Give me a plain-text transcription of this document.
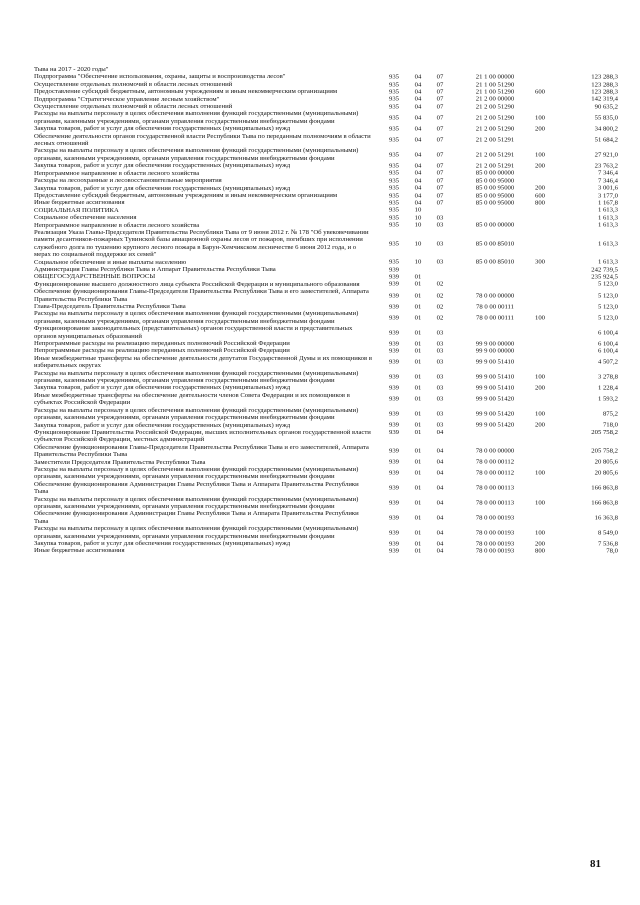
Тыва на 2017 - 2020 годы"
Подпрограмма "Обеспечение использования, охраны, защиты и воспроизводства лесов"	935	04	07	21 1 00 00000	123 288,3
Осуществление отдельных полномочий в области лесных отношений	935	04	07	21 1 00 51290	123 288,3
Предоставление субсидий бюджетным, автономным учреждениям и иным некоммерческим организациям	935	04	07	21 1 00 51290	600	123 288,3
Подпрограмма "Стратегическое управление лесным хозяйством"	935	04	07	21 2 00 00000	142 319,4
Осуществление отдельных полномочий в области лесных отношений	935	04	07	21 2 00 51290	90 635,2
Расходы на выплаты персоналу в целях обеспечения выполнения функций государственными (муниципальными) органами, казенными учреждениями, органами управления государственными внебюджетными фондами
935	04	07	21 2 00 51290	100	55 835,0
Закупка товаров, работ и услуг для обеспечения государственных (муниципальных) нужд	935	04	07	21 2 00 51290	200	34 800,2
Обеспечение деятельности органов государственной власти Республики Тыва по переданным полномочиям в области лесных отношений
935	04	07	21 2 00 51291	51 684,2
Расходы на выплаты персоналу в целях обеспечения выполнения функций государственными (муниципальными) органами, казенными учреждениями, органами управления государственными внебюджетными фондами
935	04	07	21 2 00 51291	100	27 921,0
Закупка товаров, работ и услуг для обеспечения государственных (муниципальных) нужд	935	04	07	21 2 00 51291	200	23 763,2
Непрограммное направление в области лесного хозяйства	935	04	07	85 0 00 00000	7 346,4
Расходы на лесоохранные и лесовосстановительные мероприятия	935	04	07	85 0 00 95000	7 346,4
Закупка товаров, работ и услуг для обеспечения государственных (муниципальных) нужд	935	04	07	85 0 00 95000	200	3 001,6
Предоставление субсидий бюджетным, автономным учреждениям и иным некоммерческим организациям	935	04	07	85 0 00 95000	600	3 177,0
Иные бюджетные ассигнования	935	04	07	85 0 00 95000	800	1 167,8
СОЦИАЛЬНАЯ ПОЛИТИКА	935	10	1 613,3
Социальное обеспечение населения	935	10	03	1 613,3
Непрограммное направление в области лесного хозяйства	935	10	03	85 0 00 00000	1 613,3
Реализация Указа Главы-Председателя Правительства Республики Тыва от 9 июня 2012 г. № 178 "Об увековечивании памяти десантников-пожарных Тувинской базы авиационной охраны лесов от пожаров, погибших при исполнении служебного долга по тушению крупного лесного пожара в Барун-Хемчикском лесничестве 6 июня 2012 года, и о мерах по социальной поддержке их семей"
935	10	03	85 0 00 85010	1 613,3
Социальное обеспечение и иные выплаты населению	935	10	03	85 0 00 85010	300	1 613,3
Администрация Главы Республики Тыва и Аппарат Правительства Республики Тыва	939	242 739,5
ОБЩЕГОСУДАРСТВЕННЫЕ ВОПРОСЫ	939	01	235 924,5
Функционирование высшего должностного лица субъекта Российской Федерации и муниципального образования	939	01	02	5 123,0
Обеспечение функционирования Главы-Председателя Правительства Республики Тыва и его заместителей, Аппарата Правительства Республики Тыва
939	01	02	78 0 00 00000	5 123,0
Глава-Председатель Правительства Республики Тыва	939	01	02	78 0 00 00111	5 123,0
Расходы на выплаты персоналу в целях обеспечения выполнения функций государственными (муниципальными) органами, казенными учреждениями, органами управления государственными внебюджетными фондами
939	01	02	78 0 00 00111	100	5 123,0
Функционирование законодательных (представительных) органов государственной власти и представительных органов муниципальных образований
939	01	03	6 100,4
Непрограммные расходы на реализацию переданных полномочий Российской Федерации	939	01	03	99 9 00 00000	6 100,4
Непрограммные расходы на реализацию переданных полномочий Российской Федерации	939	01	03	99 9 00 00000	6 100,4
Иные межбюджетные трансферты на обеспечение деятельности депутатов Государственной Думы и их помощников в избирательных округах
939	01	03	99 9 00 51410	4 507,2
Расходы на выплаты персоналу в целях обеспечения выполнения функций государственными (муниципальными) органами, казенными учреждениями, органами управления государственными внебюджетными фондами
939	01	03	99 9 00 51410	100	3 278,8
Закупка товаров, работ и услуг для обеспечения государственных (муниципальных) нужд	939	01	03	99 9 00 51410	200	1 228,4
Иные межбюджетные трансферты на обеспечение деятельности членов Совета Федерации и их помощников в субъектах Российской Федерации
939	01	03	99 9 00 51420	1 593,2
Расходы на выплаты персоналу в целях обеспечения выполнения функций государственными (муниципальными) органами, казенными учреждениями, органами управления государственными внебюджетными фондами
939	01	03	99 9 00 51420	100	875,2
Закупка товаров, работ и услуг для обеспечения государственных (муниципальных) нужд	939	01	03	99 9 00 51420	200	718,0
Функционирование Правительства Российской Федерации, высших исполнительных органов государственной власти субъектов Российской Федерации, местных администраций
939	01	04	205 758,2
Обеспечение функционирования Главы-Председателя Правительства Республики Тыва и его заместителей, Аппарата Правительства Республики Тыва
939	01	04	78 0 00 00000	205 758,2
Заместители Председателя Правительства Республики Тыва	939	01	04	78 0 00 00112	20 805,6
Расходы на выплаты персоналу в целях обеспечения выполнения функций государственными (муниципальными) органами, казенными учреждениями, органами управления государственными внебюджетными фондами
939	01	04	78 0 00 00112	100	20 805,6
Обеспечение функционирования Администрации Главы Республики Тыва и Аппарата Правительства Республики Тыва
939	01	04	78 0 00 00113	166 863,8
Расходы на выплаты персоналу в целях обеспечения выполнения функций государственными (муниципальными) органами, казенными учреждениями, органами управления государственными внебюджетными фондами
939	01	04	78 0 00 00113	100	166 863,8
Обеспечение функционирования Администрации Главы Республики Тыва и Аппарата Правительства Республики Тыва
939	01	04	78 0 00 00193	16 363,8
Расходы на выплаты персоналу в целях обеспечения выполнения функций государственными (муниципальными) органами, казенными учреждениями, органами управления государственными внебюджетными фондами
939	01	04	78 0 00 00193	100	8 549,0
Закупка товаров, работ и услуг для обеспечения государственных (муниципальных) нужд	939	01	04	78 0 00 00193	200	7 536,8
Иные бюджетные ассигнования	939	01	04	78 0 00 00193	800	78,0
81
